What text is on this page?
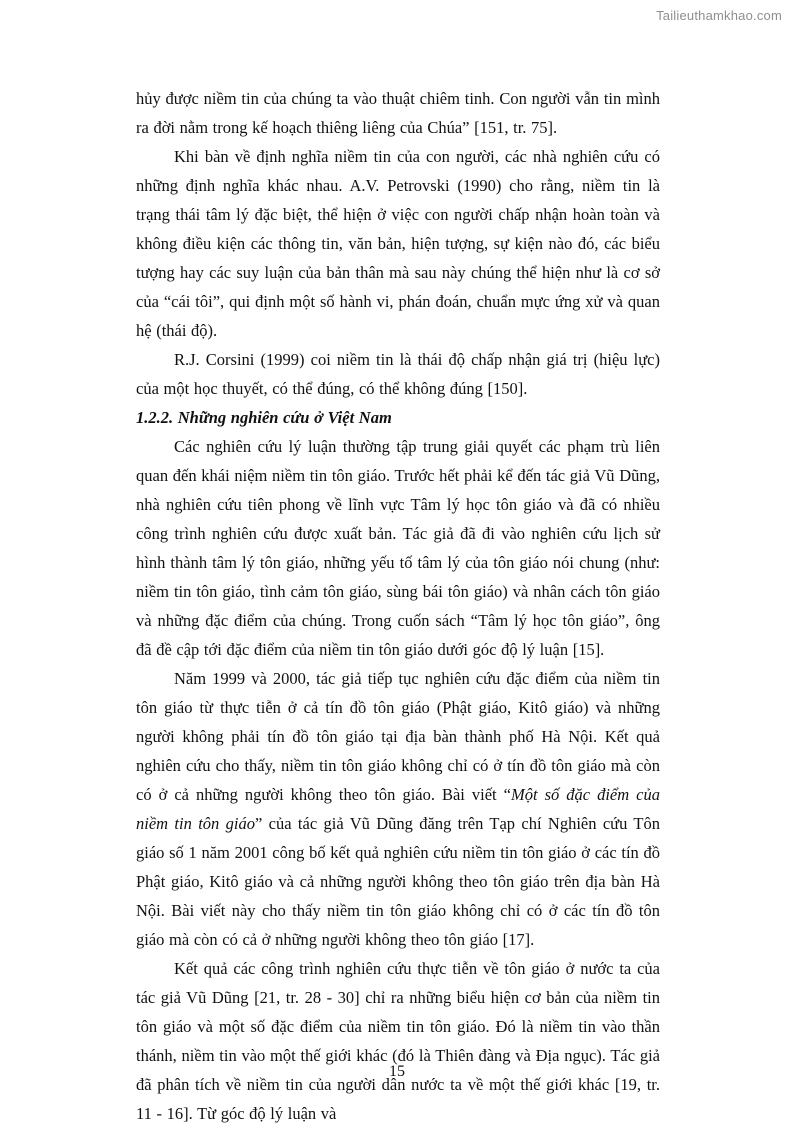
Tailieuthamkhao.com

hủy được niềm tin của chúng ta vào thuật chiêm tinh. Con người vẫn tin mình ra đời nằm trong kế hoạch thiêng liêng của Chúa” [151, tr. 75].

Khi bàn về định nghĩa niềm tin của con người, các nhà nghiên cứu có những định nghĩa khác nhau. A.V. Petrovski (1990) cho rằng, niềm tin là trạng thái tâm lý đặc biệt, thể hiện ở việc con người chấp nhận hoàn toàn và không điều kiện các thông tin, văn bản, hiện tượng, sự kiện nào đó, các biểu tượng hay các suy luận của bản thân mà sau này chúng thể hiện như là cơ sở của “cái tôi”, qui định một số hành vi, phán đoán, chuẩn mực ứng xử và quan hệ (thái độ).

R.J. Corsini (1999) coi niềm tin là thái độ chấp nhận giá trị (hiệu lực) của một học thuyết, có thể đúng, có thể không đúng [150].

1.2.2. Những nghiên cứu ở Việt Nam

Các nghiên cứu lý luận thường tập trung giải quyết các phạm trù liên quan đến khái niệm niềm tin tôn giáo. Trước hết phải kể đến tác giả Vũ Dũng, nhà nghiên cứu tiên phong về lĩnh vực Tâm lý học tôn giáo và đã có nhiều công trình nghiên cứu được xuất bản. Tác giả đã đi vào nghiên cứu lịch sử hình thành tâm lý tôn giáo, những yếu tố tâm lý của tôn giáo nói chung (như: niềm tin tôn giáo, tình cảm tôn giáo, sùng bái tôn giáo) và nhân cách tôn giáo và những đặc điểm của chúng. Trong cuốn sách “Tâm lý học tôn giáo”, ông đã đề cập tới đặc điểm của niềm tin tôn giáo dưới góc độ lý luận [15].

Năm 1999 và 2000, tác giả tiếp tục nghiên cứu đặc điểm của niềm tin tôn giáo từ thực tiễn ở cả tín đồ tôn giáo (Phật giáo, Kitô giáo) và những người không phải tín đồ tôn giáo tại địa bàn thành phố Hà Nội. Kết quả nghiên cứu cho thấy, niềm tin tôn giáo không chỉ có ở tín đồ tôn giáo mà còn có ở cả những người không theo tôn giáo. Bài viết “Một số đặc điểm của niềm tin tôn giáo” của tác giả Vũ Dũng đăng trên Tạp chí Nghiên cứu Tôn giáo số 1 năm 2001 công bố kết quả nghiên cứu niềm tin tôn giáo ở các tín đồ Phật giáo, Kitô giáo và cả những người không theo tôn giáo trên địa bàn Hà Nội. Bài viết này cho thấy niềm tin tôn giáo không chỉ có ở các tín đồ tôn giáo mà còn có cả ở những người không theo tôn giáo [17].

Kết quả các công trình nghiên cứu thực tiễn về tôn giáo ở nước ta của tác giả Vũ Dũng [21, tr. 28 - 30] chỉ ra những biểu hiện cơ bản của niềm tin tôn giáo và một số đặc điểm của niềm tin tôn giáo. Đó là niềm tin vào thần thánh, niềm tin vào một thế giới khác (đó là Thiên đàng và Địa ngục). Tác giả đã phân tích về niềm tin của người dân nước ta về một thế giới khác [19, tr. 11 - 16]. Từ góc độ lý luận và

15
